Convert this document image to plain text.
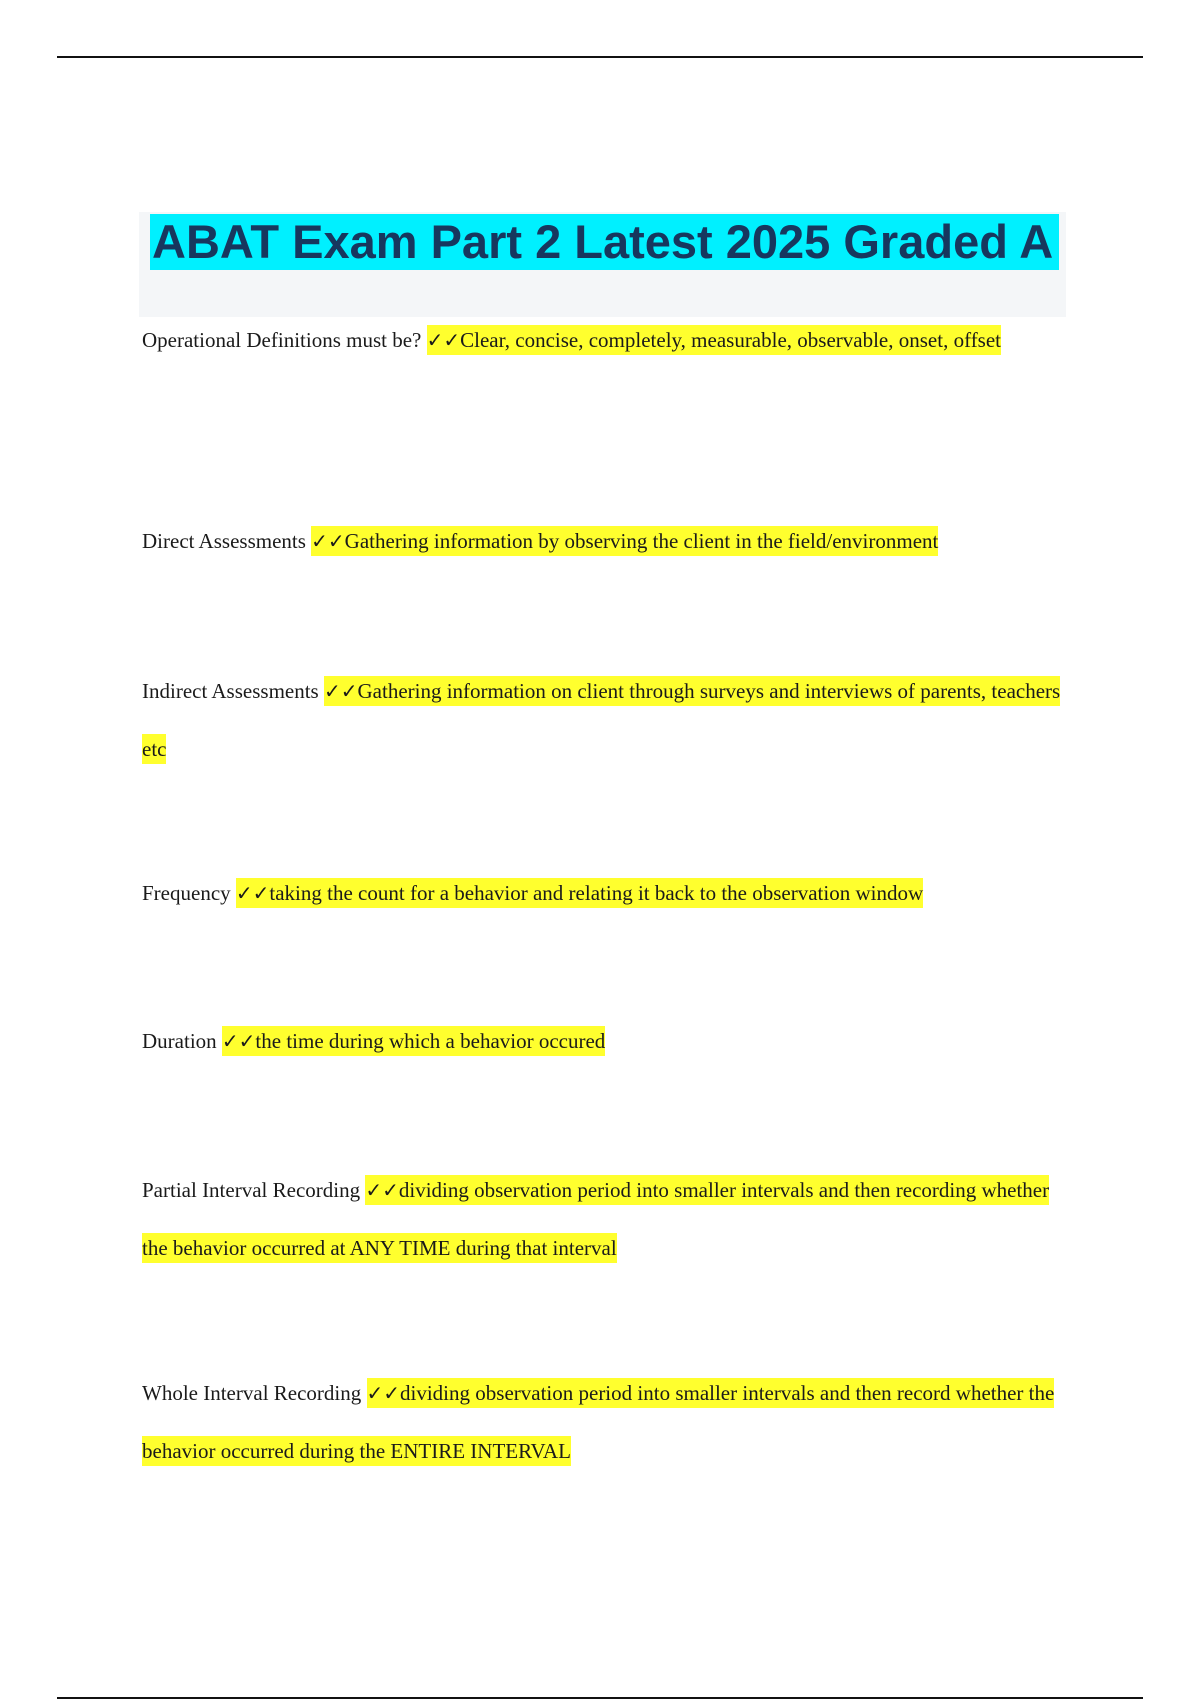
ABAT Exam Part 2 Latest 2025 Graded A

Operational Definitions must be? ✓✓Clear, concise, completely, measurable, observable, onset, offset

Direct Assessments ✓✓Gathering information by observing the client in the field/environment

Indirect Assessments ✓✓Gathering information on client through surveys and interviews of parents, teachers etc

Frequency ✓✓taking the count for a behavior and relating it back to the observation window

Duration ✓✓the time during which a behavior occured

Partial Interval Recording ✓✓dividing observation period into smaller intervals and then recording whether the behavior occurred at ANY TIME during that interval

Whole Interval Recording ✓✓dividing observation period into smaller intervals and then record whether the behavior occurred during the ENTIRE INTERVAL
